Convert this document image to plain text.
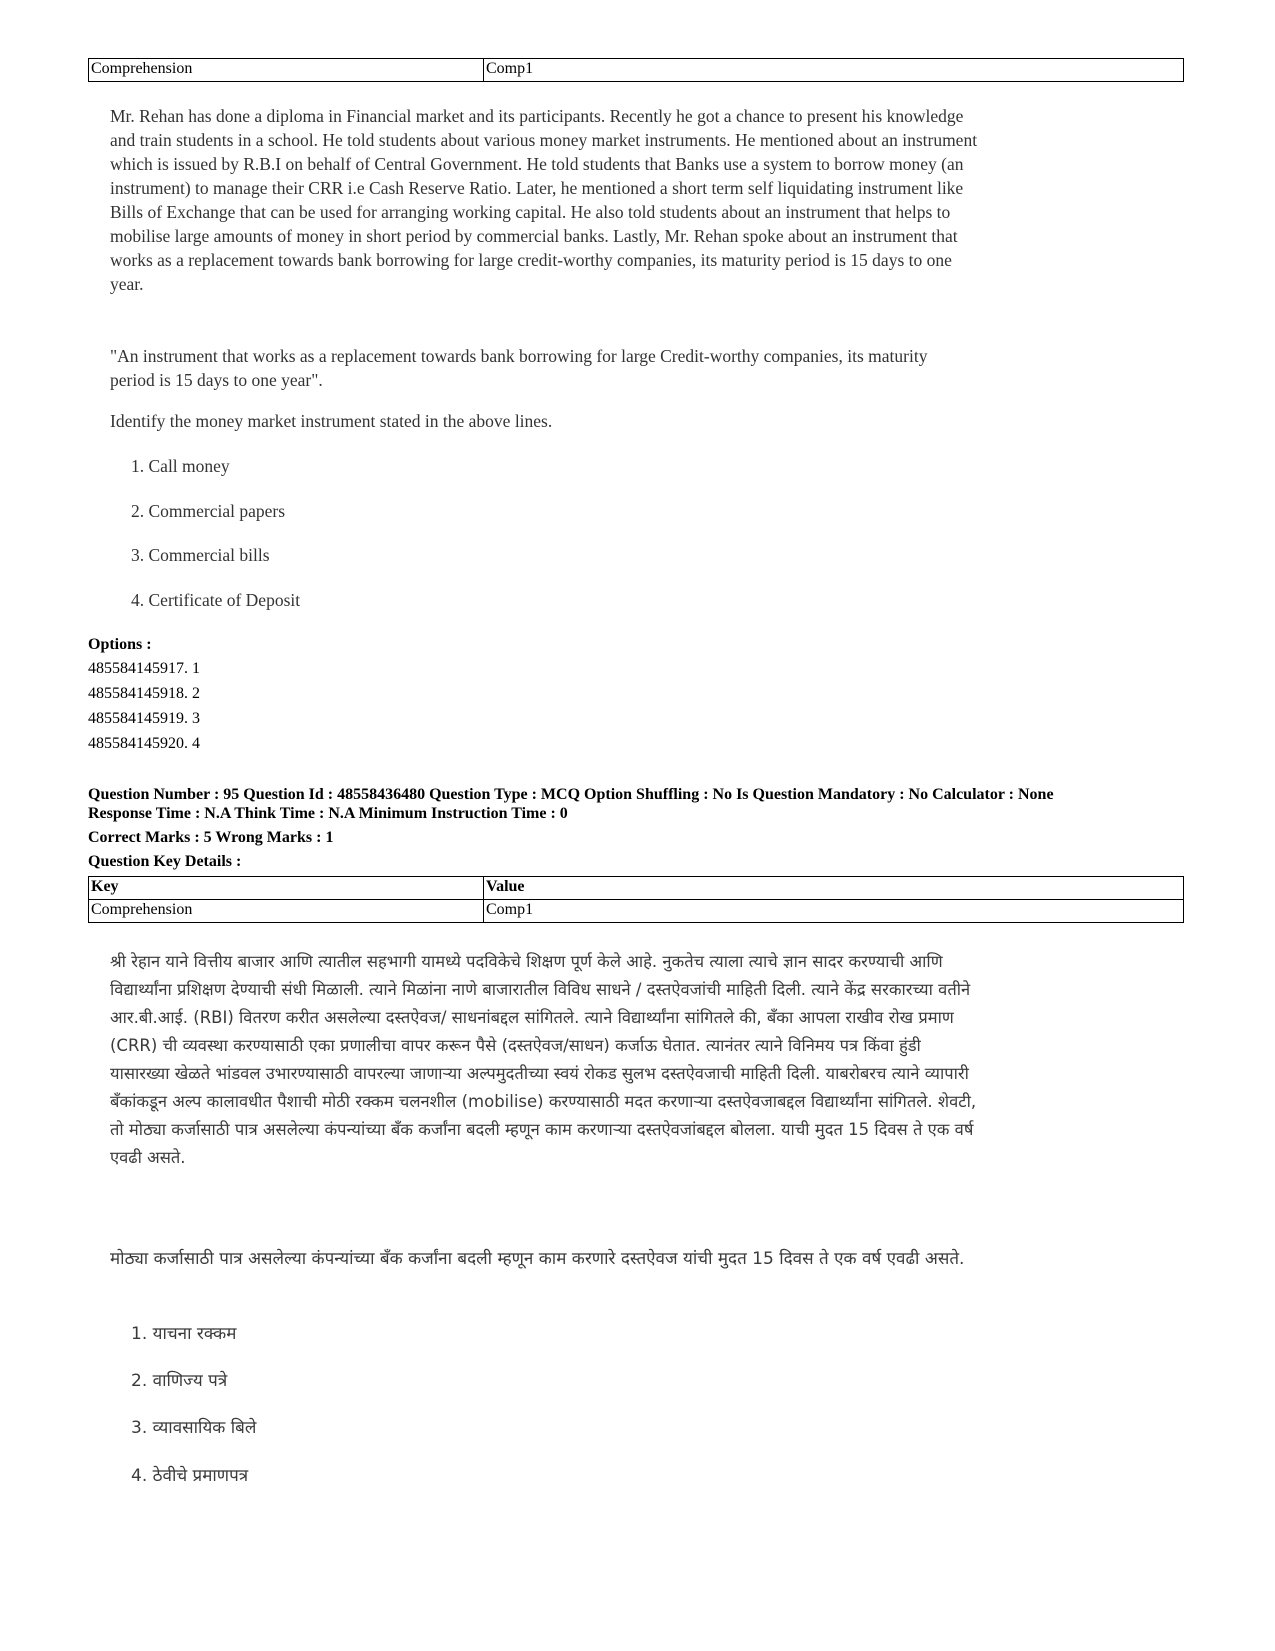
Comprehension	Comp1

Mr. Rehan has done a diploma in Financial market and its participants. Recently he got a chance to present his knowledge and train students in a school. He told students about various money market instruments. He mentioned about an instrument which is issued by R.B.I on behalf of Central Government. He told students that Banks use a system to borrow money (an instrument) to manage their CRR i.e Cash Reserve Ratio. Later, he mentioned a short term self liquidating instrument like Bills of Exchange that can be used for arranging working capital. He also told students about an instrument that helps to mobilise large amounts of money in short period by commercial banks. Lastly, Mr. Rehan spoke about an instrument that works as a replacement towards bank borrowing for large credit-worthy companies, its maturity period is 15 days to one year.

"An instrument that works as a replacement towards bank borrowing for large Credit-worthy companies, its maturity period is 15 days to one year".

Identify the money market instrument stated in the above lines.

1. Call money

2. Commercial papers

3. Commercial bills

4. Certificate of Deposit

Options :
485584145917. 1
485584145918. 2
485584145919. 3
485584145920. 4
Question Number : 95 Question Id : 48558436480 Question Type : MCQ Option Shuffling : No Is Question Mandatory : No Calculator : None
Response Time : N.A Think Time : N.A Minimum Instruction Time : 0
Correct Marks : 5 Wrong Marks : 1
Question Key Details :
Key	Value
Comprehension	Comp1

श्री रेहान याने वित्तीय बाजार आणि त्यातील सहभागी यामध्ये पदविकेचे शिक्षण पूर्ण केले आहे. नुकतेच त्याला त्याचे ज्ञान सादर करण्याची आणि विद्यार्थ्यांना प्रशिक्षण देण्याची संधी मिळाली. त्याने मिळांना नाणे बाजारातील विविध साधने / दस्तऐवजांची माहिती दिली. त्याने केंद्र सरकारच्या वतीने आर.बी.आई. (RBI) वितरण करीत असलेल्या दस्तऐवज/ साधनांबद्दल सांगितले. त्याने विद्यार्थ्यांना सांगितले की, बँका आपला राखीव रोख प्रमाण (CRR) ची व्यवस्था करण्यासाठी एका प्रणालीचा वापर करून पैसे (दस्तऐवज/साधन) कर्जाऊ घेतात. त्यानंतर त्याने विनिमय पत्र किंवा हुंडी यासारख्या खेळते भांडवल उभारण्यासाठी वापरल्या जाणाऱ्या अल्पमुदतीच्या स्वयं रोकड सुलभ दस्तऐवजाची माहिती दिली. याबरोबरच त्याने व्यापारी बँकांकडून अल्प कालावधीत पैशाची मोठी रक्कम चलनशील (mobilise) करण्यासाठी मदत करणाऱ्या दस्तऐवजाबद्दल विद्यार्थ्यांना सांगितले. शेवटी, तो मोठ्या कर्जासाठी पात्र असलेल्या कंपन्यांच्या बँक कर्जांना बदली म्हणून काम करणाऱ्या दस्तऐवजांबद्दल बोलला. याची मुदत 15 दिवस ते एक वर्ष एवढी असते.

मोठ्या कर्जासाठी पात्र असलेल्या कंपन्यांच्या बँक कर्जांना बदली म्हणून काम करणारे दस्तऐवज यांची मुदत 15 दिवस ते एक वर्ष एवढी असते.

1. याचना रक्कम

2. वाणिज्य पत्रे

3. व्यावसायिक बिले

4. ठेवीचे प्रमाणपत्र
